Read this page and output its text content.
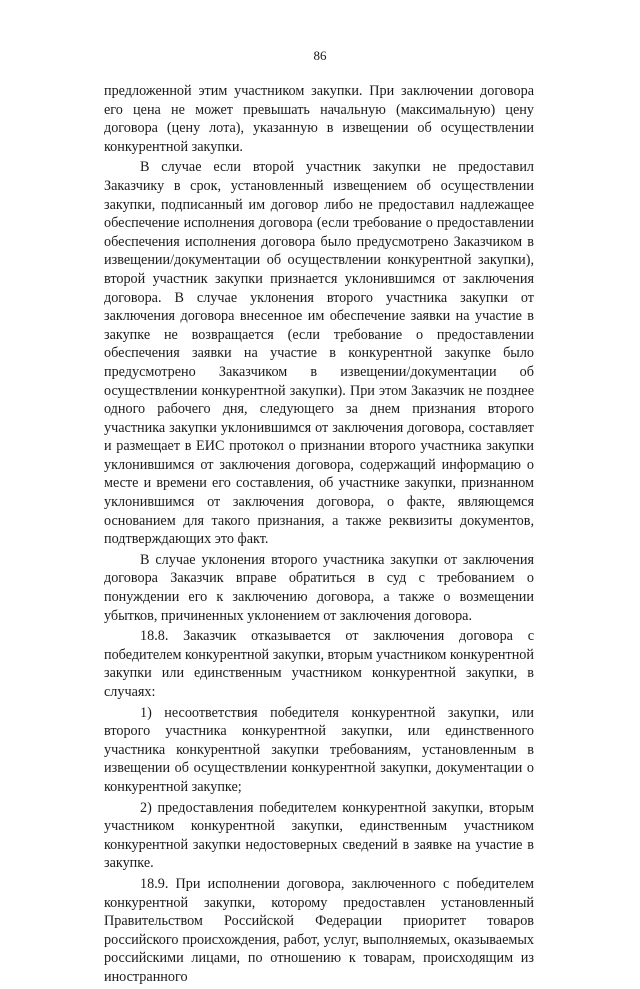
86

предложенной этим участником закупки. При заключении договора его цена не может превышать начальную (максимальную) цену договора (цену лота), указанную в извещении об осуществлении конкурентной закупки.

В случае если второй участник закупки не предоставил Заказчику в срок, установленный извещением об осуществлении закупки, подписанный им договор либо не предоставил надлежащее обеспечение исполнения договора (если требование о предоставлении обеспечения исполнения договора было предусмотрено Заказчиком в извещении/документации об осуществлении конкурентной закупки), второй участник закупки признается уклонившимся от заключения договора. В случае уклонения второго участника закупки от заключения договора внесенное им обеспечение заявки на участие в закупке не возвращается (если требование о предоставлении обеспечения заявки на участие в конкурентной закупке было предусмотрено Заказчиком в извещении/документации об осуществлении конкурентной закупки). При этом Заказчик не позднее одного рабочего дня, следующего за днем признания второго участника закупки уклонившимся от заключения договора, составляет и размещает в ЕИС протокол о признании второго участника закупки уклонившимся от заключения договора, содержащий информацию о месте и времени его составления, об участнике закупки, признанном уклонившимся от заключения договора, о факте, являющемся основанием для такого признания, а также реквизиты документов, подтверждающих это факт.

В случае уклонения второго участника закупки от заключения договора Заказчик вправе обратиться в суд с требованием о понуждении его к заключению договора, а также о возмещении убытков, причиненных уклонением от заключения договора.

18.8. Заказчик отказывается от заключения договора с победителем конкурентной закупки, вторым участником конкурентной закупки или единственным участником конкурентной закупки, в случаях:

1) несоответствия победителя конкурентной закупки, или второго участника конкурентной закупки, или единственного участника конкурентной закупки требованиям, установленным в извещении об осуществлении конкурентной закупки, документации о конкурентной закупке;

2) предоставления победителем конкурентной закупки, вторым участником конкурентной закупки, единственным участником конкурентной закупки недостоверных сведений в заявке на участие в закупке.

18.9. При исполнении договора, заключенного с победителем конкурентной закупки, которому предоставлен установленный Правительством Российской Федерации приоритет товаров российского происхождения, работ, услуг, выполняемых, оказываемых российскими лицами, по отношению к товарам, происходящим из иностранного
